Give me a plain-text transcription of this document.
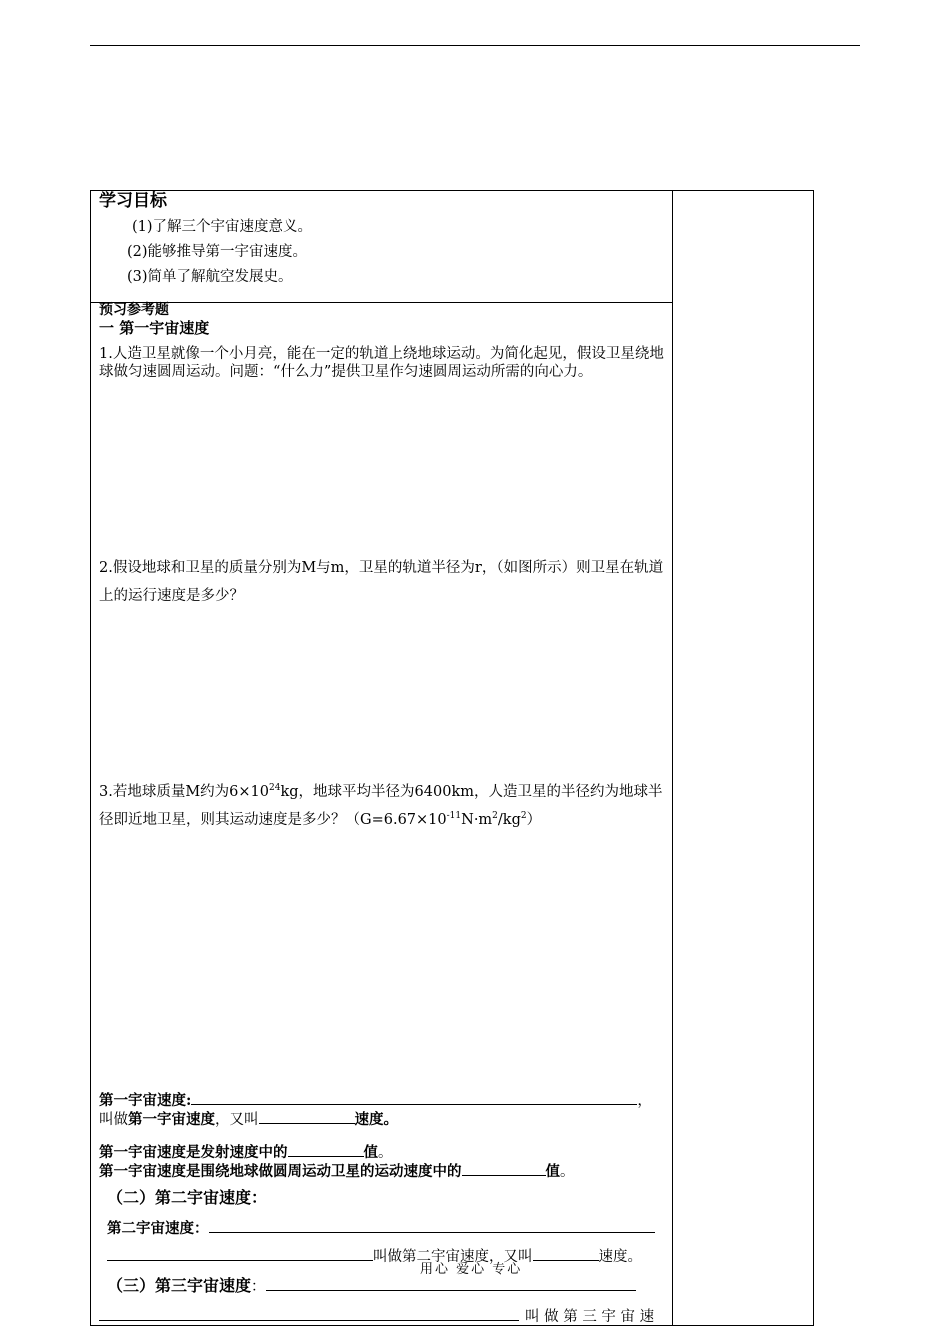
学习目标
(1)了解三个宇宙速度意义。
(2)能够推导第一宇宙速度。
(3)简单了解航空发展史。
预习参考题
一 第一宇宙速度
1.人造卫星就像一个小月亮，能在一定的轨道上绕地球运动。为简化起见，假设卫星绕地球做匀速圆周运动。问题：“什么力”提供卫星作匀速圆周运动所需的向心力。
2.假设地球和卫星的质量分别为M与m，卫星的轨道半径为r，（如图所示）则卫星在轨道上的运行速度是多少？
3.若地球质量M约为$6\times 10^{24}kg$，地球平均半径为6400km，人造卫星的半径约为地球半径即近地卫星，则其运动速度是多少？$(G=6.67\times 10^{-11}N\cdot m^2/kg^2)$
第一宇宙速度:	，
叫做第一宇宙速度，又叫	速度。
第一宇宙速度是发射速度中的	值。
第一宇宙速度是围绕地球做圆周运动卫星的运动速度中的	值。
（二）第二宇宙速度：
第二宇宙速度：
叫做第二宇宙速度，又叫	速度。
用心 爱心 专心
（三）第三宇宙速度：
叫 做 第 三 宇 宙 速
